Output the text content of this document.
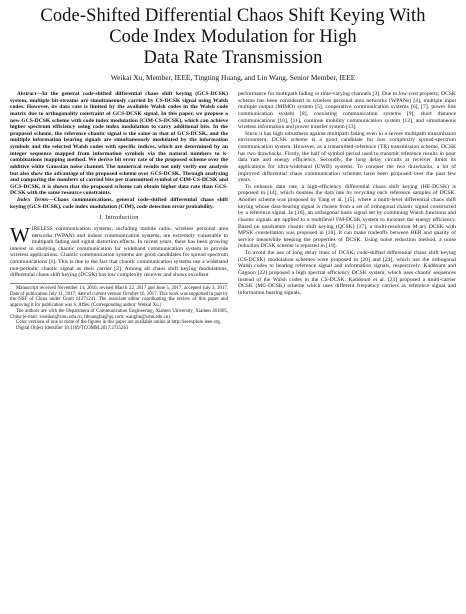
Code-Shifted Differential Chaos Shift Keying With
Code Index Modulation for High
Data Rate Transmission
Weikai Xu, Member, IEEE, Tingting Huang, and Lin Wang, Senior Member, IEEE

Abstract—In the general code-shifted differential chaos shift keying (GCS-DCSK) system, multiple bit-streams are simultaneously carried by CS-DCSK signal using Walsh codes. However, its data rate is limited by the available Walsh codes in the Walsh code matrix due to orthogonality constraint of GCS-DCSK signal. In this paper, we propose a new GCS-DCSK scheme with code index modulation (CIM-CS-DCSK), which can achieve higher spectrum efficiency using code index modulation to carry additional bits. In the proposed scheme, the reference chaotic signal is the same as that of GCS-DCSK, and the multiple information bearing signals are simultaneously modulated by the information symbols and the selected Walsh codes with specific indices, which are determined by an integer sequence mapped from information symbols via the natural numbers to k-combinations mapping method. We derive bit error rate of the proposed scheme over the additive white Gaussian noise channel. The numerical results not only verify our analysis but also show the advantage of the proposed scheme over GCS-DCSK. Through analyzing and comparing the numbers of carried bits per transmitted symbol of CIM-CS-DCSK and GCS-DCSK, it is shown that the proposed scheme can obtain higher data rate than GCS-DCSK with the same resource constraints.

Index Terms—Chaos communications, general code-shifted differential chaos shift keying (GCS-DCSK), code index modulation (CIM), code detection error probability.

I. Introduction

WIRELESS communication systems, including mobile radio, wireless personal area networks (WPAN) and indoor communication systems, are extremely vulnerable to multipath fading and signal distortion effects. In recent years, there has been growing interest in studying chaotic communication for wideband communication system to provide wireless applications. Chaotic communication systems are good candidates for spread spectrum communications [1]. This is due to the fact that chaotic communication systems use a wideband non-periodic chaotic signal as their carrier [2]. Among all chaos shift keying modulations, differential chaos shift keying (DCSK) has low complexity receiver and shows excellent

Manuscript received November 14, 2016; revised March 22, 2017 and June 5, 2017; accepted July 3, 2017. Date of publication July 11, 2017; date of current version October 16, 2017. This work was supported in part by the NSF of China under Grant 61271241. The associate editor coordinating the review of this paper and approving it for publication was S. Affes. (Corresponding author: Weikai Xu.)

The authors are with the Department of Communication Engineering, Xiamen University, Xiamen 361005, China (e-mail: xweikai@xmu.edu.cn; tthuangfra@qq.com; wanglin@xmu.edu.cn).

Color versions of one or more of the figures in this paper are available online at http://ieeexplore.ieee.org.

Digital Object Identifier 10.1109/TCOMM.2017.2725261

performance for multipath fading or time-varying channels [3]. Due to low-cost property, DCSK scheme has been considered in wireless personal area networks (WPANs) [4], multiple input multiple output (MIMO) system [5], cooperative communication systems [6], [7], power line communication system [8], coexisting communication systems [9], short distance communications [10], [11], continue mobility communication system [12], and simultaneous wireless information and power transfer system [13].

Since it has high robustness against multipath fading even in a severe multipath transmission environment, DCSK scheme is a good candidate for low complexity spread-spectrum communication system. However, as a transmitted-reference (TR) transmission scheme, DCSK has two drawbacks. Firstly, the half of symbol period used to transmit reference results in poor data rate and energy efficiency. Secondly, the long delay circuits at receiver limits its applications for ultra-wideband (UWB) systems. To conquer the two drawbacks, a lot of improved differential chaos communication schemes have been proposed over the past few years.

To enhance data rate, a high-efficiency differential chaos shift keying (HE-DCSK) is proposed in [14], which doubles the data rate by recycling each reference samples of DCSK. Another scheme was proposed by Yang et al. [15], where a multi-level differential chaos shift keying whose data-bearing signal is chosen from a set of orthogonal chaotic signal constructed by a reference signal. In [16], an orthogonal basis signal set by combining Walsh functions and chaotic signals are applied to a multilevel FM-DCSK system to increase the energy efficiency. Based on quadrature chaotic shift keying (QCSK) [17], a multi-resolution M-ary DCSK with MPSK constellation was proposed in [18]. It can make tradeoffs between BER and quality of service meanwhile keeping the properties of DCSK. Using noise reduction method, a noise reduction DCSK scheme is reported in [19].

To avoid the use of long delay lines of DCSK, code-shifted differential chaos shift keying (CS-DCSK) modulation schemes were proposed in [20] and [21], which use the orthogonal Walsh codes to bearing reference signal and information signals, respectively. Kaddoum and Gagnon [22] proposed a high spectral efficiency DCSK system, which uses chaotic sequences instead of the Walsh codes in the CS-DCSK. Kaddoum et al. [23] proposed a multi-carrier DCSK (MC-DCSK) scheme which uses different frequency carriers as reference signal and information bearing signals,
